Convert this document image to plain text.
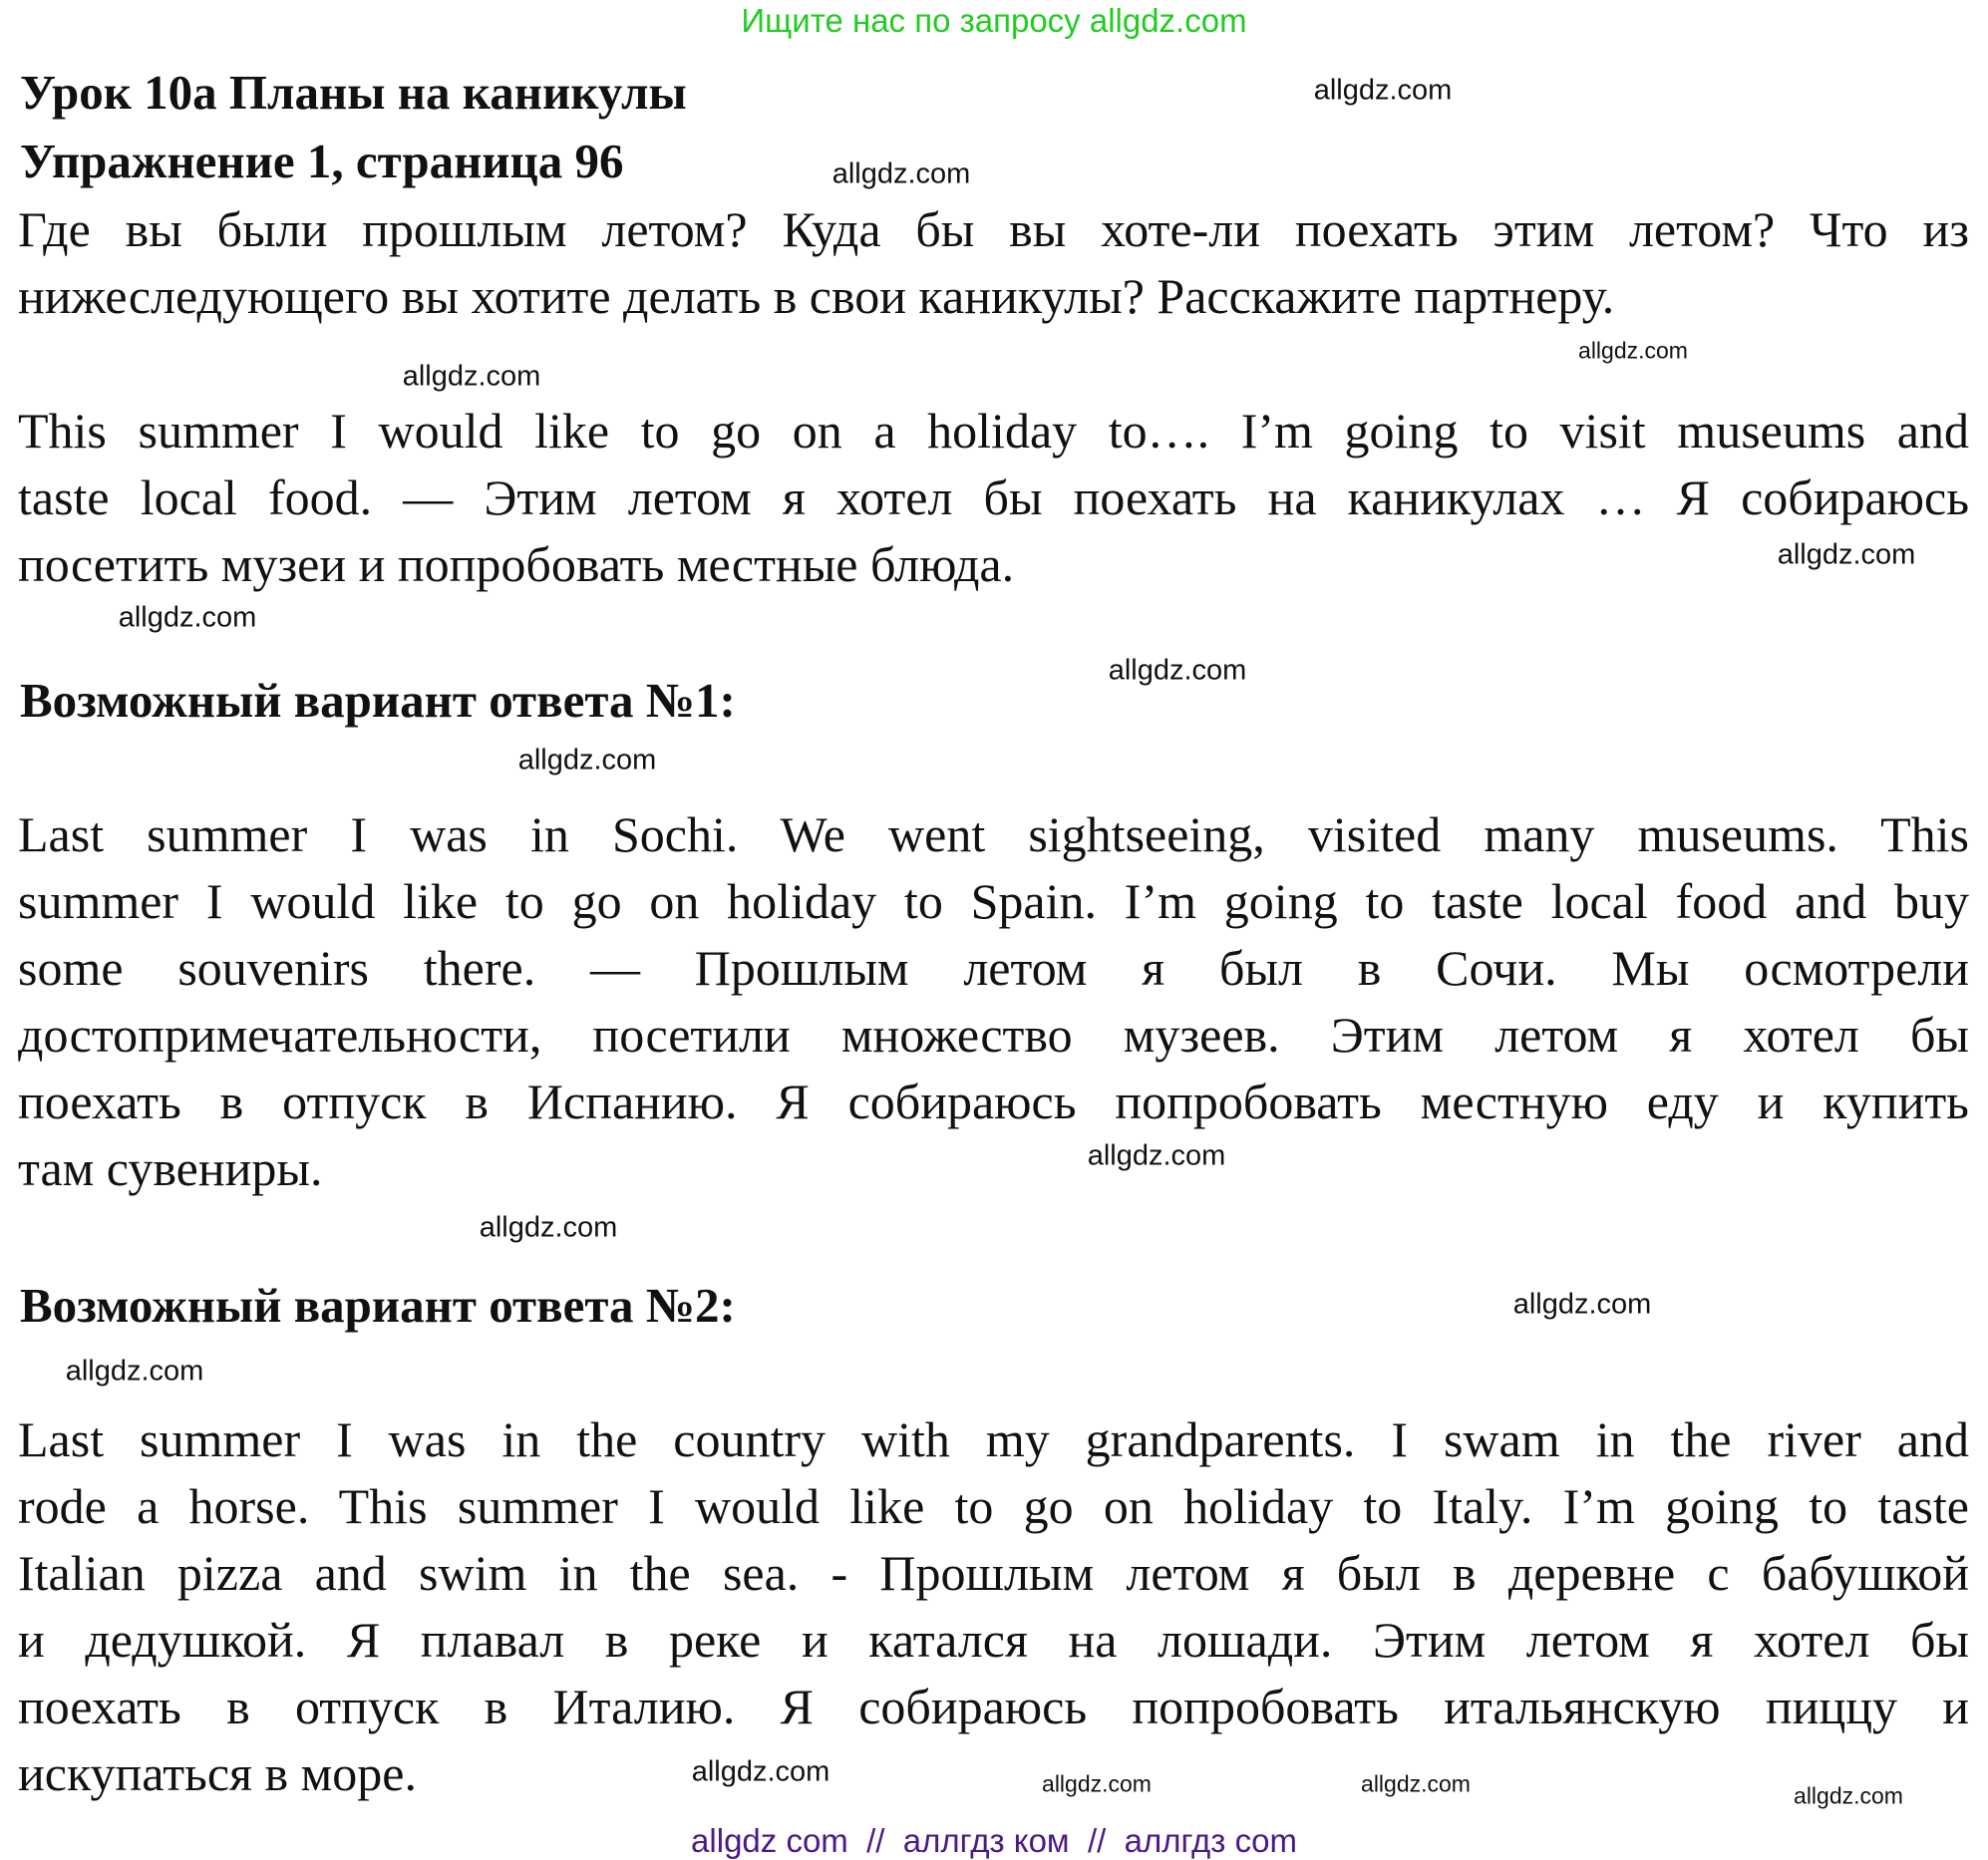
Ищите нас по запросу allgdz.com
Урок 10а Планы на каникулы
Упражнение 1, страница 96
Где вы были прошлым летом? Куда бы вы хоте-ли поехать этим летом? Что из
нижеследующего вы хотите делать в свои каникулы? Расскажите партнеру.
This summer I would like to go on a holiday to…. I’m going to visit museums and
taste local food. — Этим летом я хотел бы поехать на каникулах … Я собираюсь
посетить музеи и попробовать местные блюда.
Возможный вариант ответа №1:
Last summer I was in Sochi. We went sightseeing, visited many museums. This
summer I would like to go on holiday to Spain. I’m going to taste local food and buy
some souvenirs there. — Прошлым летом я был в Сочи. Мы осмотрели
достопримечательности, посетили множество музеев. Этим летом я хотел бы
поехать в отпуск в Испанию. Я собираюсь попробовать местную еду и купить
там сувениры.
Возможный вариант ответа №2:
Last summer I was in the country with my grandparents. I swam in the river and
rode a horse. This summer I would like to go on holiday to Italy. I’m going to taste
Italian pizza and swim in the sea. - Прошлым летом я был в деревне с бабушкой
и дедушкой. Я плавал в реке и катался на лошади. Этим летом я хотел бы
поехать в отпуск в Италию. Я собираюсь попробовать итальянскую пиццу и
искупаться в море.
allgdz.com
allgdz.com
allgdz.com
allgdz.com
allgdz.com
allgdz.com
allgdz.com
allgdz.com
allgdz.com
allgdz.com
allgdz.com
allgdz.com
allgdz.com	allgdz.com
allgdz.com
allgdz.com
allgdz com  //  аллгдз ком  //  аллгдз com
